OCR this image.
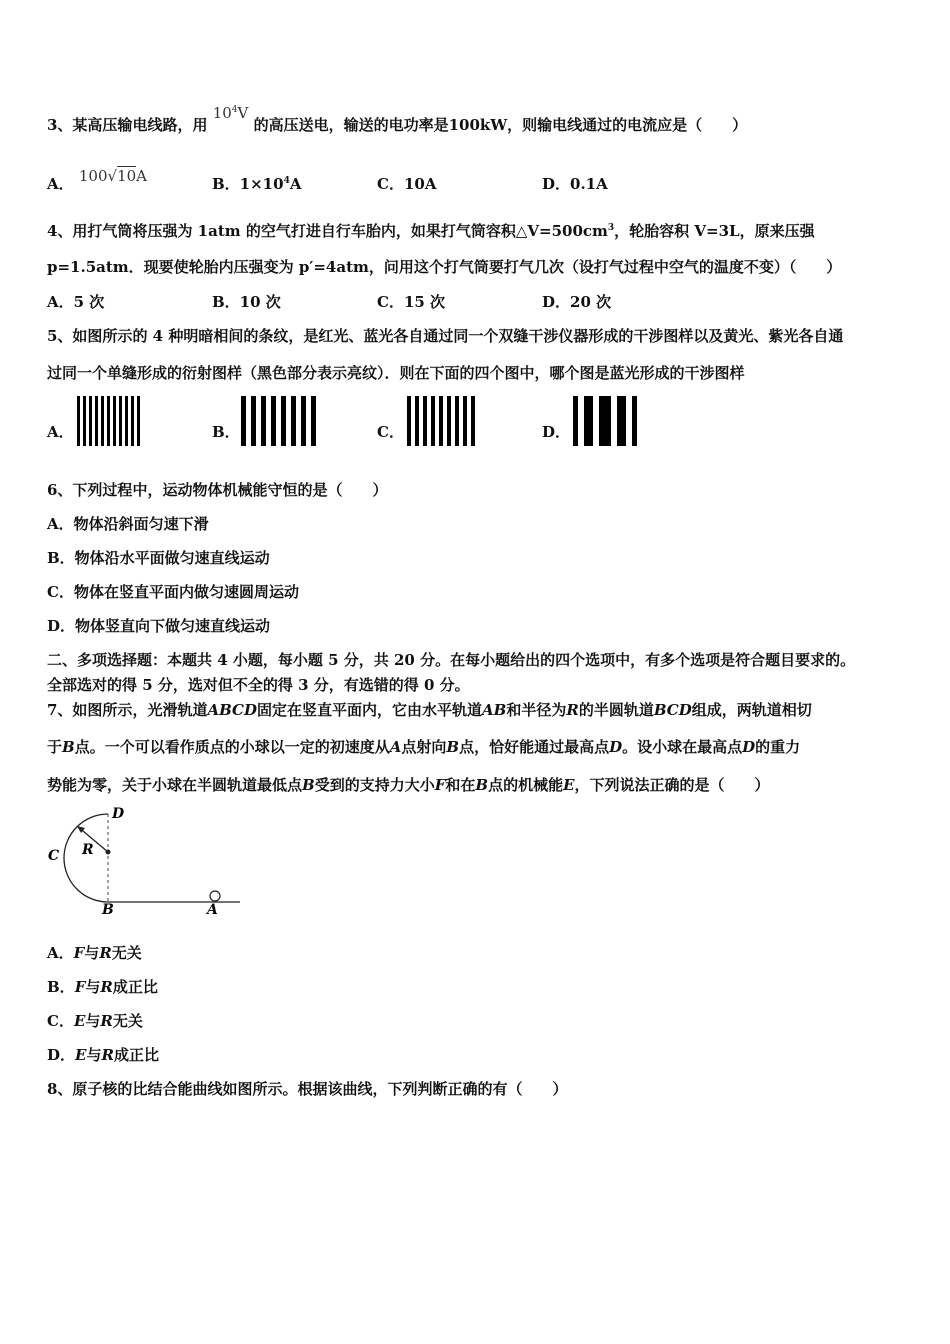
3、某高压输电线路，用 $10^4V$ 的高压送电，输送的电功率是100kW，则输电线通过的电流应是（　　）
A． 100√10A	B．$1\times 10^4A$	C．10A	D．0.1A
4、用打气筒将压强为 1atm 的空气打进自行车胎内，如果打气筒容积$\triangle V=500cm^3$，轮胎容积 V=3L，原来压强
p=1.5atm．现要使轮胎内压强变为 p′=4atm，问用这个打气筒要打气几次（设打气过程中空气的温度不变）（　　）
A．5 次	B．10 次	C．15 次	D．20 次
5、如图所示的 4 种明暗相间的条纹，是红光、蓝光各自通过同一个双缝干涉仪器形成的干涉图样以及黄光、紫光各自通
过同一个单缝形成的衍射图样（黑色部分表示亮纹）．则在下面的四个图中，哪个图是蓝光形成的干涉图样
A．	B．	C．	D．
6、下列过程中，运动物体机械能守恒的是（　　）
A．物体沿斜面匀速下滑
B．物体沿水平面做匀速直线运动
C．物体在竖直平面内做匀速圆周运动
D．物体竖直向下做匀速直线运动
二、多项选择题：本题共 4 小题，每小题 5 分，共 20 分。在每小题给出的四个选项中，有多个选项是符合题目要求的。
全部选对的得 5 分，选对但不全的得 3 分，有选错的得 0 分。
7、如图所示，光滑轨道ABCD固定在竖直平面内，它由水平轨道AB和半径为R的半圆轨道BCD组成，两轨道相切
于B点。一个可以看作质点的小球以一定的初速度从A点射向B点，恰好能通过最高点D。设小球在最高点D的重力
势能为零，关于小球在半圆轨道最低点B受到的支持力大小F和在B点的机械能E，下列说法正确的是（　　）
D
C R
B	A
A．F与R无关
B．F与R成正比
C．E与R无关
D．E与R成正比
8、原子核的比结合能曲线如图所示。根据该曲线，下列判断正确的有（　　）
